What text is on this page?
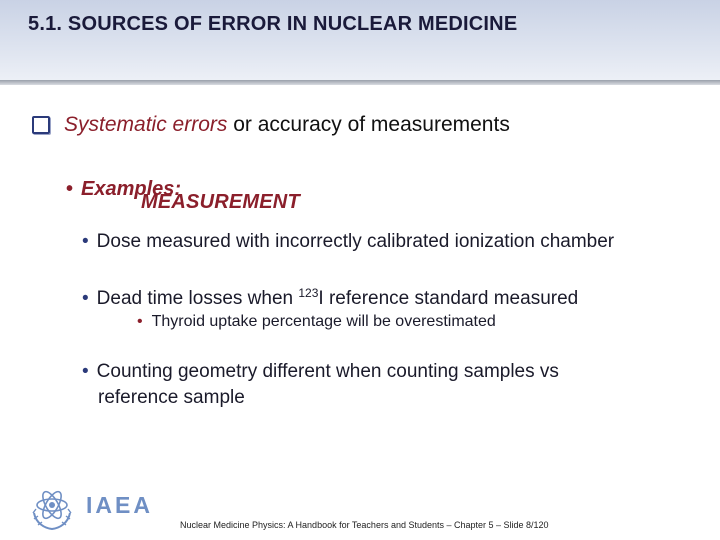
5.1. SOURCES OF ERROR IN NUCLEAR MEDICINE
MEASUREMENT
Systematic errors or accuracy of measurements
• Examples:
• Dose measured with incorrectly calibrated ionization chamber
• Dead time losses when $^{123}$I reference standard measured
• Thyroid uptake percentage will be overestimated
• Counting geometry different when counting samples vs
reference sample
IAEA
Nuclear Medicine Physics: A Handbook for Teachers and Students – Chapter 5 – Slide 8/120
